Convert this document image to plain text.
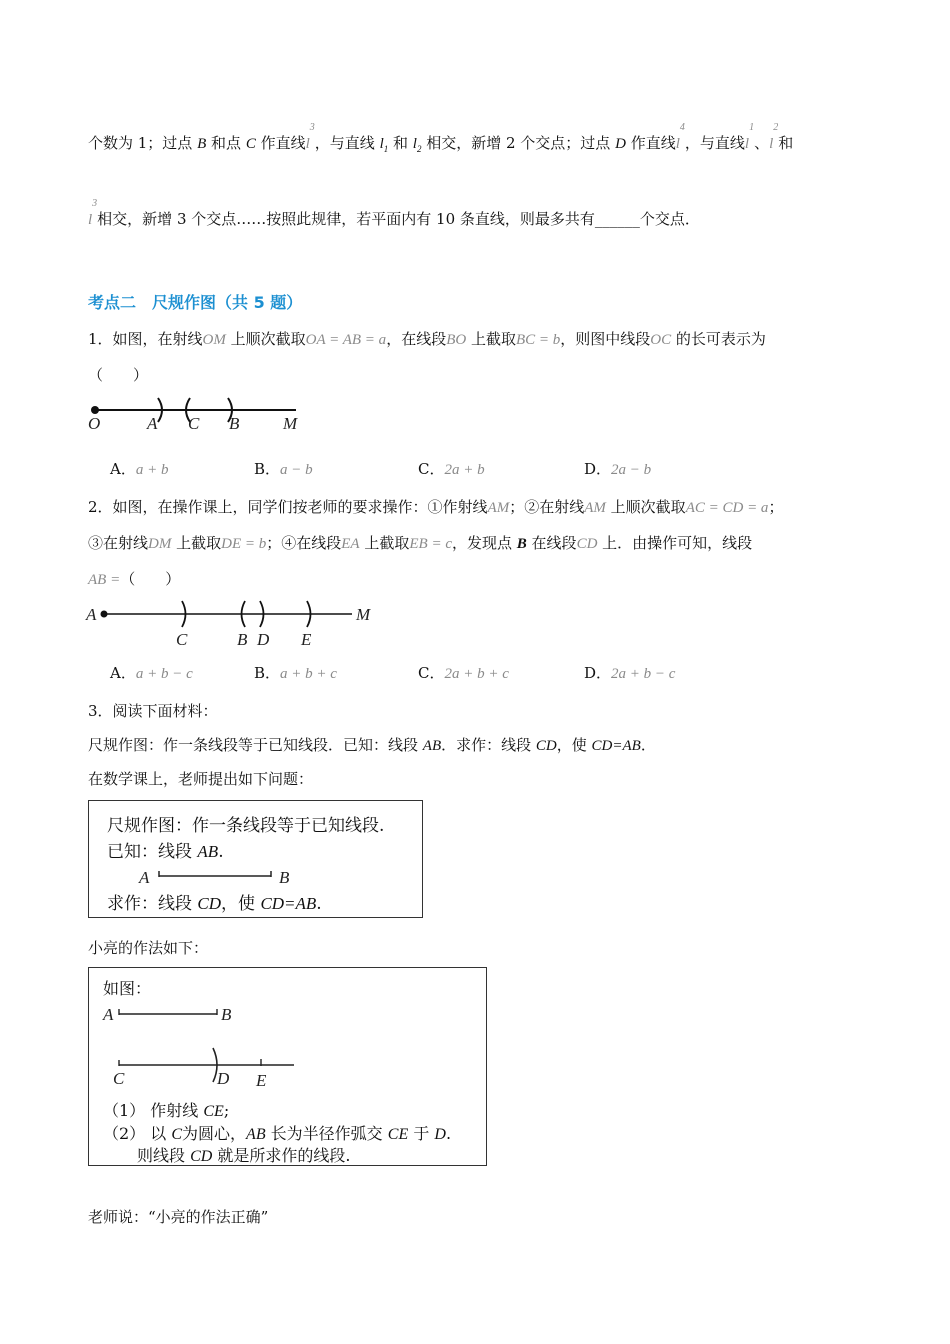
个数为 1；过点 B 和点 C 作直线$l^3$，与直线 $l_1$ 和 $l_2$ 相交，新增 2 个交点；过点 D 作直线$l^4$，与直线$l^1$、$l^2$和
$l^3$相交，新增 3 个交点……按照此规律，若平面内有 10 条直线，则最多共有______个交点．
考点二　尺规作图（共 5 题）
1．如图，在射线OM 上顺次截取OA = AB = a，在线段BO 上截取BC = b，则图中线段OC 的长可表示为
（　　）
O	A C B	M
A．a + b	B．a − b	C．2a + b	D．2a − b
2．如图，在操作课上，同学们按老师的要求操作：①作射线AM；②在射线AM 上顺次截取AC = CD = a；
③在射线DM 上截取DE = b；④在线段EA 上截取EB = c，发现点 B 在线段CD 上．由操作可知，线段
AB =（　　）
A	M
C	B D E
A．a + b − c	B．a + b + c	C．2a + b + c	D．2a + b − c
3．阅读下面材料：
尺规作图：作一条线段等于已知线段．已知：线段 AB．求作：线段 CD，使 CD=AB．
在数学课上，老师提出如下问题：
尺规作图：作一条线段等于已知线段.
已知：线段 AB.
A	B
求作：线段 CD，使 CD=AB.
小亮的作法如下：
如图：
A	B
C	D E
（1） 作射线 CE;
（2） 以 C为圆心，AB 长为半径作弧交 CE 于 D.
则线段 CD 就是所求作的线段.
老师说：“小亮的作法正确”
